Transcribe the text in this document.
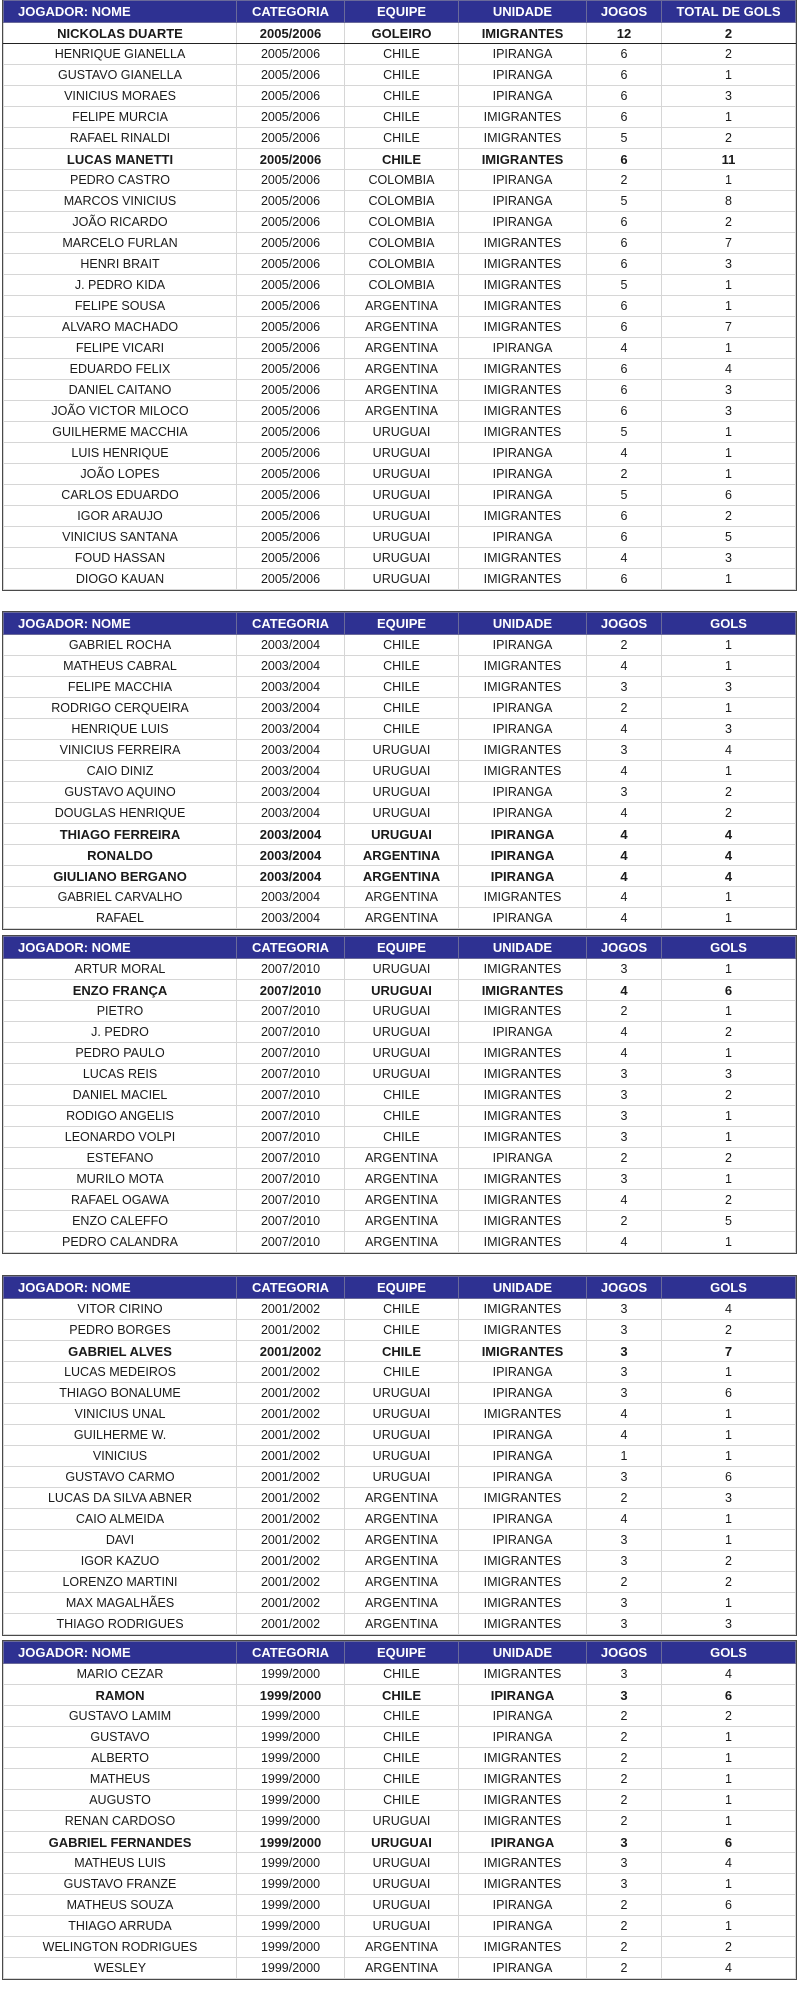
JOGADOR: NOME	CATEGORIA	EQUIPE	UNIDADE	JOGOS	TOTAL DE GOLS
NICKOLAS DUARTE	2005/2006	GOLEIRO	IMIGRANTES	12	2
HENRIQUE GIANELLA	2005/2006	CHILE	IPIRANGA	6	2
GUSTAVO GIANELLA	2005/2006	CHILE	IPIRANGA	6	1
VINICIUS MORAES	2005/2006	CHILE	IPIRANGA	6	3
FELIPE MURCIA	2005/2006	CHILE	IMIGRANTES	6	1
RAFAEL RINALDI	2005/2006	CHILE	IMIGRANTES	5	2
LUCAS MANETTI	2005/2006	CHILE	IMIGRANTES	6	11
PEDRO CASTRO	2005/2006	COLOMBIA	IPIRANGA	2	1
MARCOS VINICIUS	2005/2006	COLOMBIA	IPIRANGA	5	8
JOÃO RICARDO	2005/2006	COLOMBIA	IPIRANGA	6	2
MARCELO FURLAN	2005/2006	COLOMBIA	IMIGRANTES	6	7
HENRI BRAIT	2005/2006	COLOMBIA	IMIGRANTES	6	3
J. PEDRO KIDA	2005/2006	COLOMBIA	IMIGRANTES	5	1
FELIPE SOUSA	2005/2006	ARGENTINA	IMIGRANTES	6	1
ALVARO MACHADO	2005/2006	ARGENTINA	IMIGRANTES	6	7
FELIPE VICARI	2005/2006	ARGENTINA	IPIRANGA	4	1
EDUARDO FELIX	2005/2006	ARGENTINA	IMIGRANTES	6	4
DANIEL CAITANO	2005/2006	ARGENTINA	IMIGRANTES	6	3
JOÃO VICTOR MILOCO	2005/2006	ARGENTINA	IMIGRANTES	6	3
GUILHERME MACCHIA	2005/2006	URUGUAI	IMIGRANTES	5	1
LUIS HENRIQUE	2005/2006	URUGUAI	IPIRANGA	4	1
JOÃO LOPES	2005/2006	URUGUAI	IPIRANGA	2	1
CARLOS EDUARDO	2005/2006	URUGUAI	IPIRANGA	5	6
IGOR ARAUJO	2005/2006	URUGUAI	IMIGRANTES	6	2
VINICIUS SANTANA	2005/2006	URUGUAI	IPIRANGA	6	5
FOUD HASSAN	2005/2006	URUGUAI	IMIGRANTES	4	3
DIOGO KAUAN	2005/2006	URUGUAI	IMIGRANTES	6	1
JOGADOR: NOME	CATEGORIA	EQUIPE	UNIDADE	JOGOS	GOLS
GABRIEL ROCHA	2003/2004	CHILE	IPIRANGA	2	1
MATHEUS CABRAL	2003/2004	CHILE	IMIGRANTES	4	1
FELIPE MACCHIA	2003/2004	CHILE	IMIGRANTES	3	3
RODRIGO CERQUEIRA	2003/2004	CHILE	IPIRANGA	2	1
HENRIQUE LUIS	2003/2004	CHILE	IPIRANGA	4	3
VINICIUS FERREIRA	2003/2004	URUGUAI	IMIGRANTES	3	4
CAIO DINIZ	2003/2004	URUGUAI	IMIGRANTES	4	1
GUSTAVO AQUINO	2003/2004	URUGUAI	IPIRANGA	3	2
DOUGLAS HENRIQUE	2003/2004	URUGUAI	IPIRANGA	4	2
THIAGO FERREIRA	2003/2004	URUGUAI	IPIRANGA	4	4
RONALDO	2003/2004	ARGENTINA	IPIRANGA	4	4
GIULIANO BERGANO	2003/2004	ARGENTINA	IPIRANGA	4	4
GABRIEL CARVALHO	2003/2004	ARGENTINA	IMIGRANTES	4	1
RAFAEL	2003/2004	ARGENTINA	IPIRANGA	4	1
JOGADOR: NOME	CATEGORIA	EQUIPE	UNIDADE	JOGOS	GOLS
ARTUR MORAL	2007/2010	URUGUAI	IMIGRANTES	3	1
ENZO FRANÇA	2007/2010	URUGUAI	IMIGRANTES	4	6
PIETRO	2007/2010	URUGUAI	IMIGRANTES	2	1
J. PEDRO	2007/2010	URUGUAI	IPIRANGA	4	2
PEDRO PAULO	2007/2010	URUGUAI	IMIGRANTES	4	1
LUCAS REIS	2007/2010	URUGUAI	IMIGRANTES	3	3
DANIEL MACIEL	2007/2010	CHILE	IMIGRANTES	3	2
RODIGO ANGELIS	2007/2010	CHILE	IMIGRANTES	3	1
LEONARDO VOLPI	2007/2010	CHILE	IMIGRANTES	3	1
ESTEFANO	2007/2010	ARGENTINA	IPIRANGA	2	2
MURILO MOTA	2007/2010	ARGENTINA	IMIGRANTES	3	1
RAFAEL OGAWA	2007/2010	ARGENTINA	IMIGRANTES	4	2
ENZO CALEFFO	2007/2010	ARGENTINA	IMIGRANTES	2	5
PEDRO CALANDRA	2007/2010	ARGENTINA	IMIGRANTES	4	1
JOGADOR: NOME	CATEGORIA	EQUIPE	UNIDADE	JOGOS	GOLS
VITOR CIRINO	2001/2002	CHILE	IMIGRANTES	3	4
PEDRO BORGES	2001/2002	CHILE	IMIGRANTES	3	2
GABRIEL ALVES	2001/2002	CHILE	IMIGRANTES	3	7
LUCAS MEDEIROS	2001/2002	CHILE	IPIRANGA	3	1
THIAGO BONALUME	2001/2002	URUGUAI	IPIRANGA	3	6
VINICIUS UNAL	2001/2002	URUGUAI	IMIGRANTES	4	1
GUILHERME W.	2001/2002	URUGUAI	IPIRANGA	4	1
VINICIUS	2001/2002	URUGUAI	IPIRANGA	1	1
GUSTAVO CARMO	2001/2002	URUGUAI	IPIRANGA	3	6
LUCAS DA SILVA ABNER	2001/2002	ARGENTINA	IMIGRANTES	2	3
CAIO ALMEIDA	2001/2002	ARGENTINA	IPIRANGA	4	1
DAVI	2001/2002	ARGENTINA	IPIRANGA	3	1
IGOR KAZUO	2001/2002	ARGENTINA	IMIGRANTES	3	2
LORENZO MARTINI	2001/2002	ARGENTINA	IMIGRANTES	2	2
MAX MAGALHÃES	2001/2002	ARGENTINA	IMIGRANTES	3	1
THIAGO RODRIGUES	2001/2002	ARGENTINA	IMIGRANTES	3	3
JOGADOR: NOME	CATEGORIA	EQUIPE	UNIDADE	JOGOS	GOLS
MARIO CEZAR	1999/2000	CHILE	IMIGRANTES	3	4
RAMON	1999/2000	CHILE	IPIRANGA	3	6
GUSTAVO LAMIM	1999/2000	CHILE	IPIRANGA	2	2
GUSTAVO	1999/2000	CHILE	IPIRANGA	2	1
ALBERTO	1999/2000	CHILE	IMIGRANTES	2	1
MATHEUS	1999/2000	CHILE	IMIGRANTES	2	1
AUGUSTO	1999/2000	CHILE	IMIGRANTES	2	1
RENAN CARDOSO	1999/2000	URUGUAI	IMIGRANTES	2	1
GABRIEL FERNANDES	1999/2000	URUGUAI	IPIRANGA	3	6
MATHEUS LUIS	1999/2000	URUGUAI	IMIGRANTES	3	4
GUSTAVO FRANZE	1999/2000	URUGUAI	IMIGRANTES	3	1
MATHEUS SOUZA	1999/2000	URUGUAI	IPIRANGA	2	6
THIAGO ARRUDA	1999/2000	URUGUAI	IPIRANGA	2	1
WELINGTON RODRIGUES	1999/2000	ARGENTINA	IMIGRANTES	2	2
WESLEY	1999/2000	ARGENTINA	IPIRANGA	2	4
